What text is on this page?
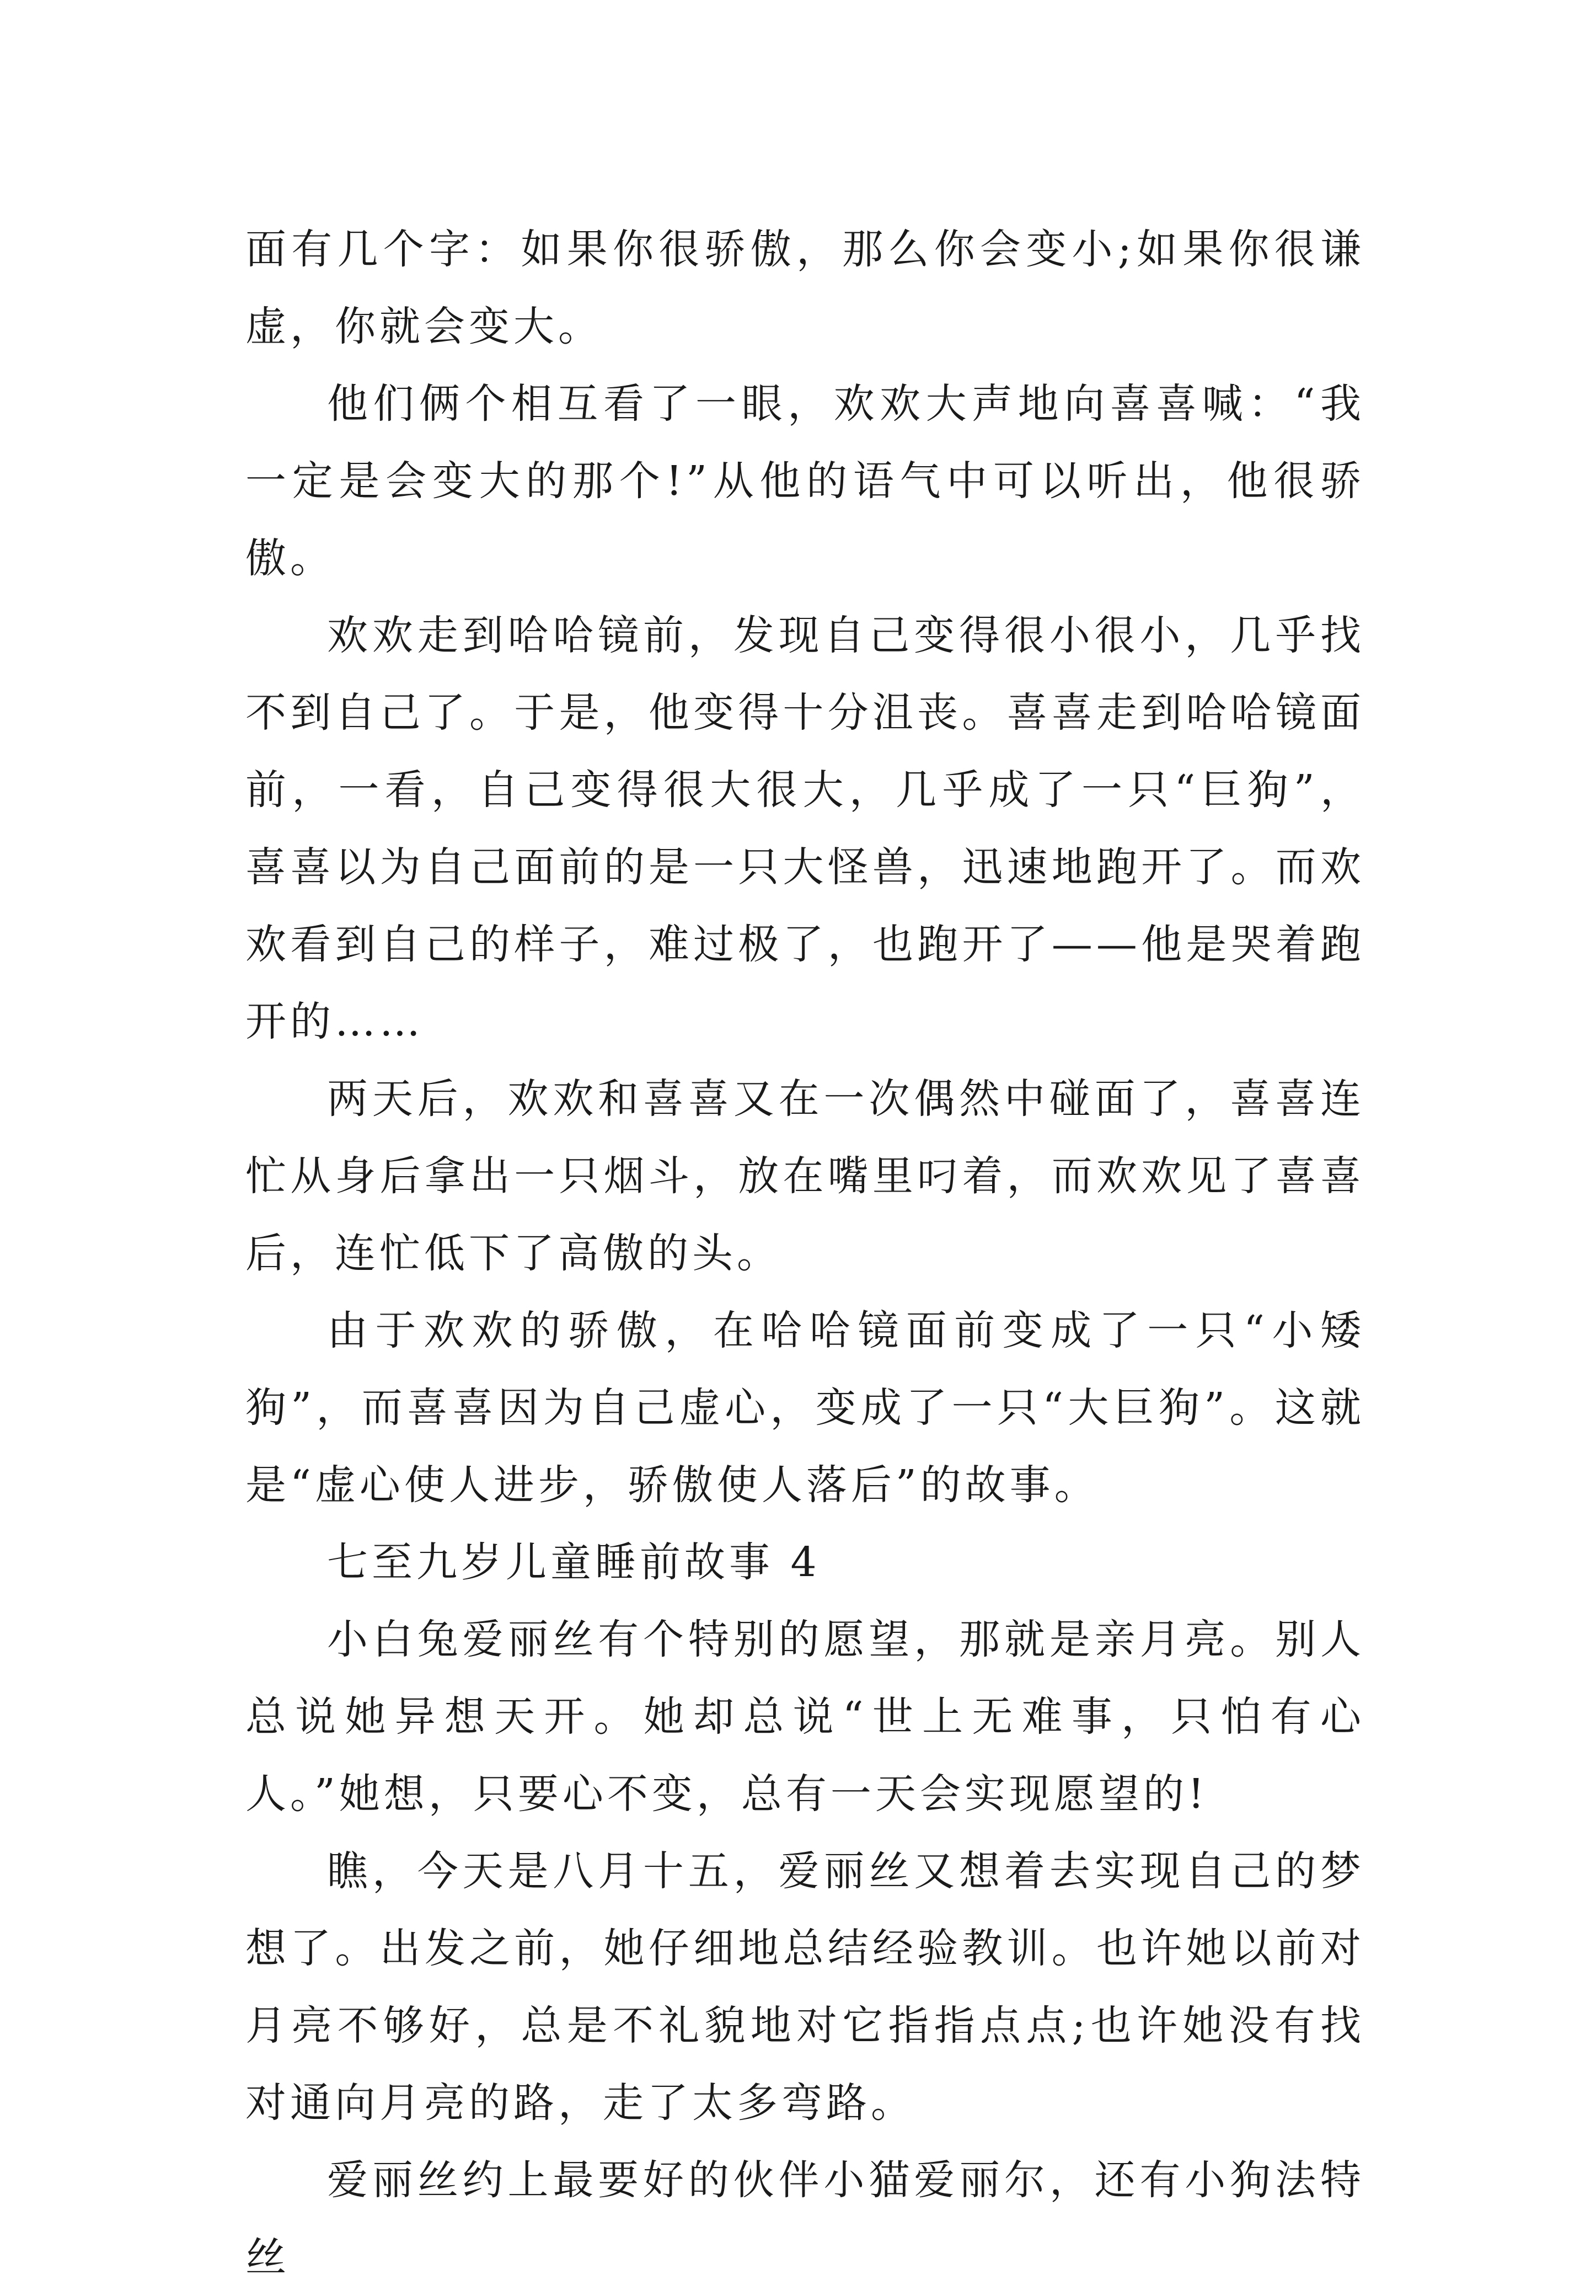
面有几个字：如果你很骄傲，那么你会变小;如果你很谦虚，你就会变大。

他们俩个相互看了一眼，欢欢大声地向喜喜喊：“我一定是会变大的那个!”从他的语气中可以听出，他很骄傲。

欢欢走到哈哈镜前，发现自己变得很小很小，几乎找不到自己了。于是，他变得十分沮丧。喜喜走到哈哈镜面前，一看，自己变得很大很大，几乎成了一只“巨狗”，喜喜以为自己面前的是一只大怪兽，迅速地跑开了。而欢欢看到自己的样子，难过极了，也跑开了——他是哭着跑开的……

两天后，欢欢和喜喜又在一次偶然中碰面了，喜喜连忙从身后拿出一只烟斗，放在嘴里叼着，而欢欢见了喜喜后，连忙低下了高傲的头。

由于欢欢的骄傲，在哈哈镜面前变成了一只“小矮狗”，而喜喜因为自己虚心，变成了一只“大巨狗”。这就是“虚心使人进步，骄傲使人落后”的故事。

七至九岁儿童睡前故事 4

小白兔爱丽丝有个特别的愿望，那就是亲月亮。别人总说她异想天开。她却总说“世上无难事，只怕有心人。”她想，只要心不变，总有一天会实现愿望的!

瞧，今天是八月十五，爱丽丝又想着去实现自己的梦想了。出发之前，她仔细地总结经验教训。也许她以前对月亮不够好，总是不礼貌地对它指指点点;也许她没有找对通向月亮的路，走了太多弯路。

爱丽丝约上最要好的伙伴小猫爱丽尔，还有小狗法特丝
